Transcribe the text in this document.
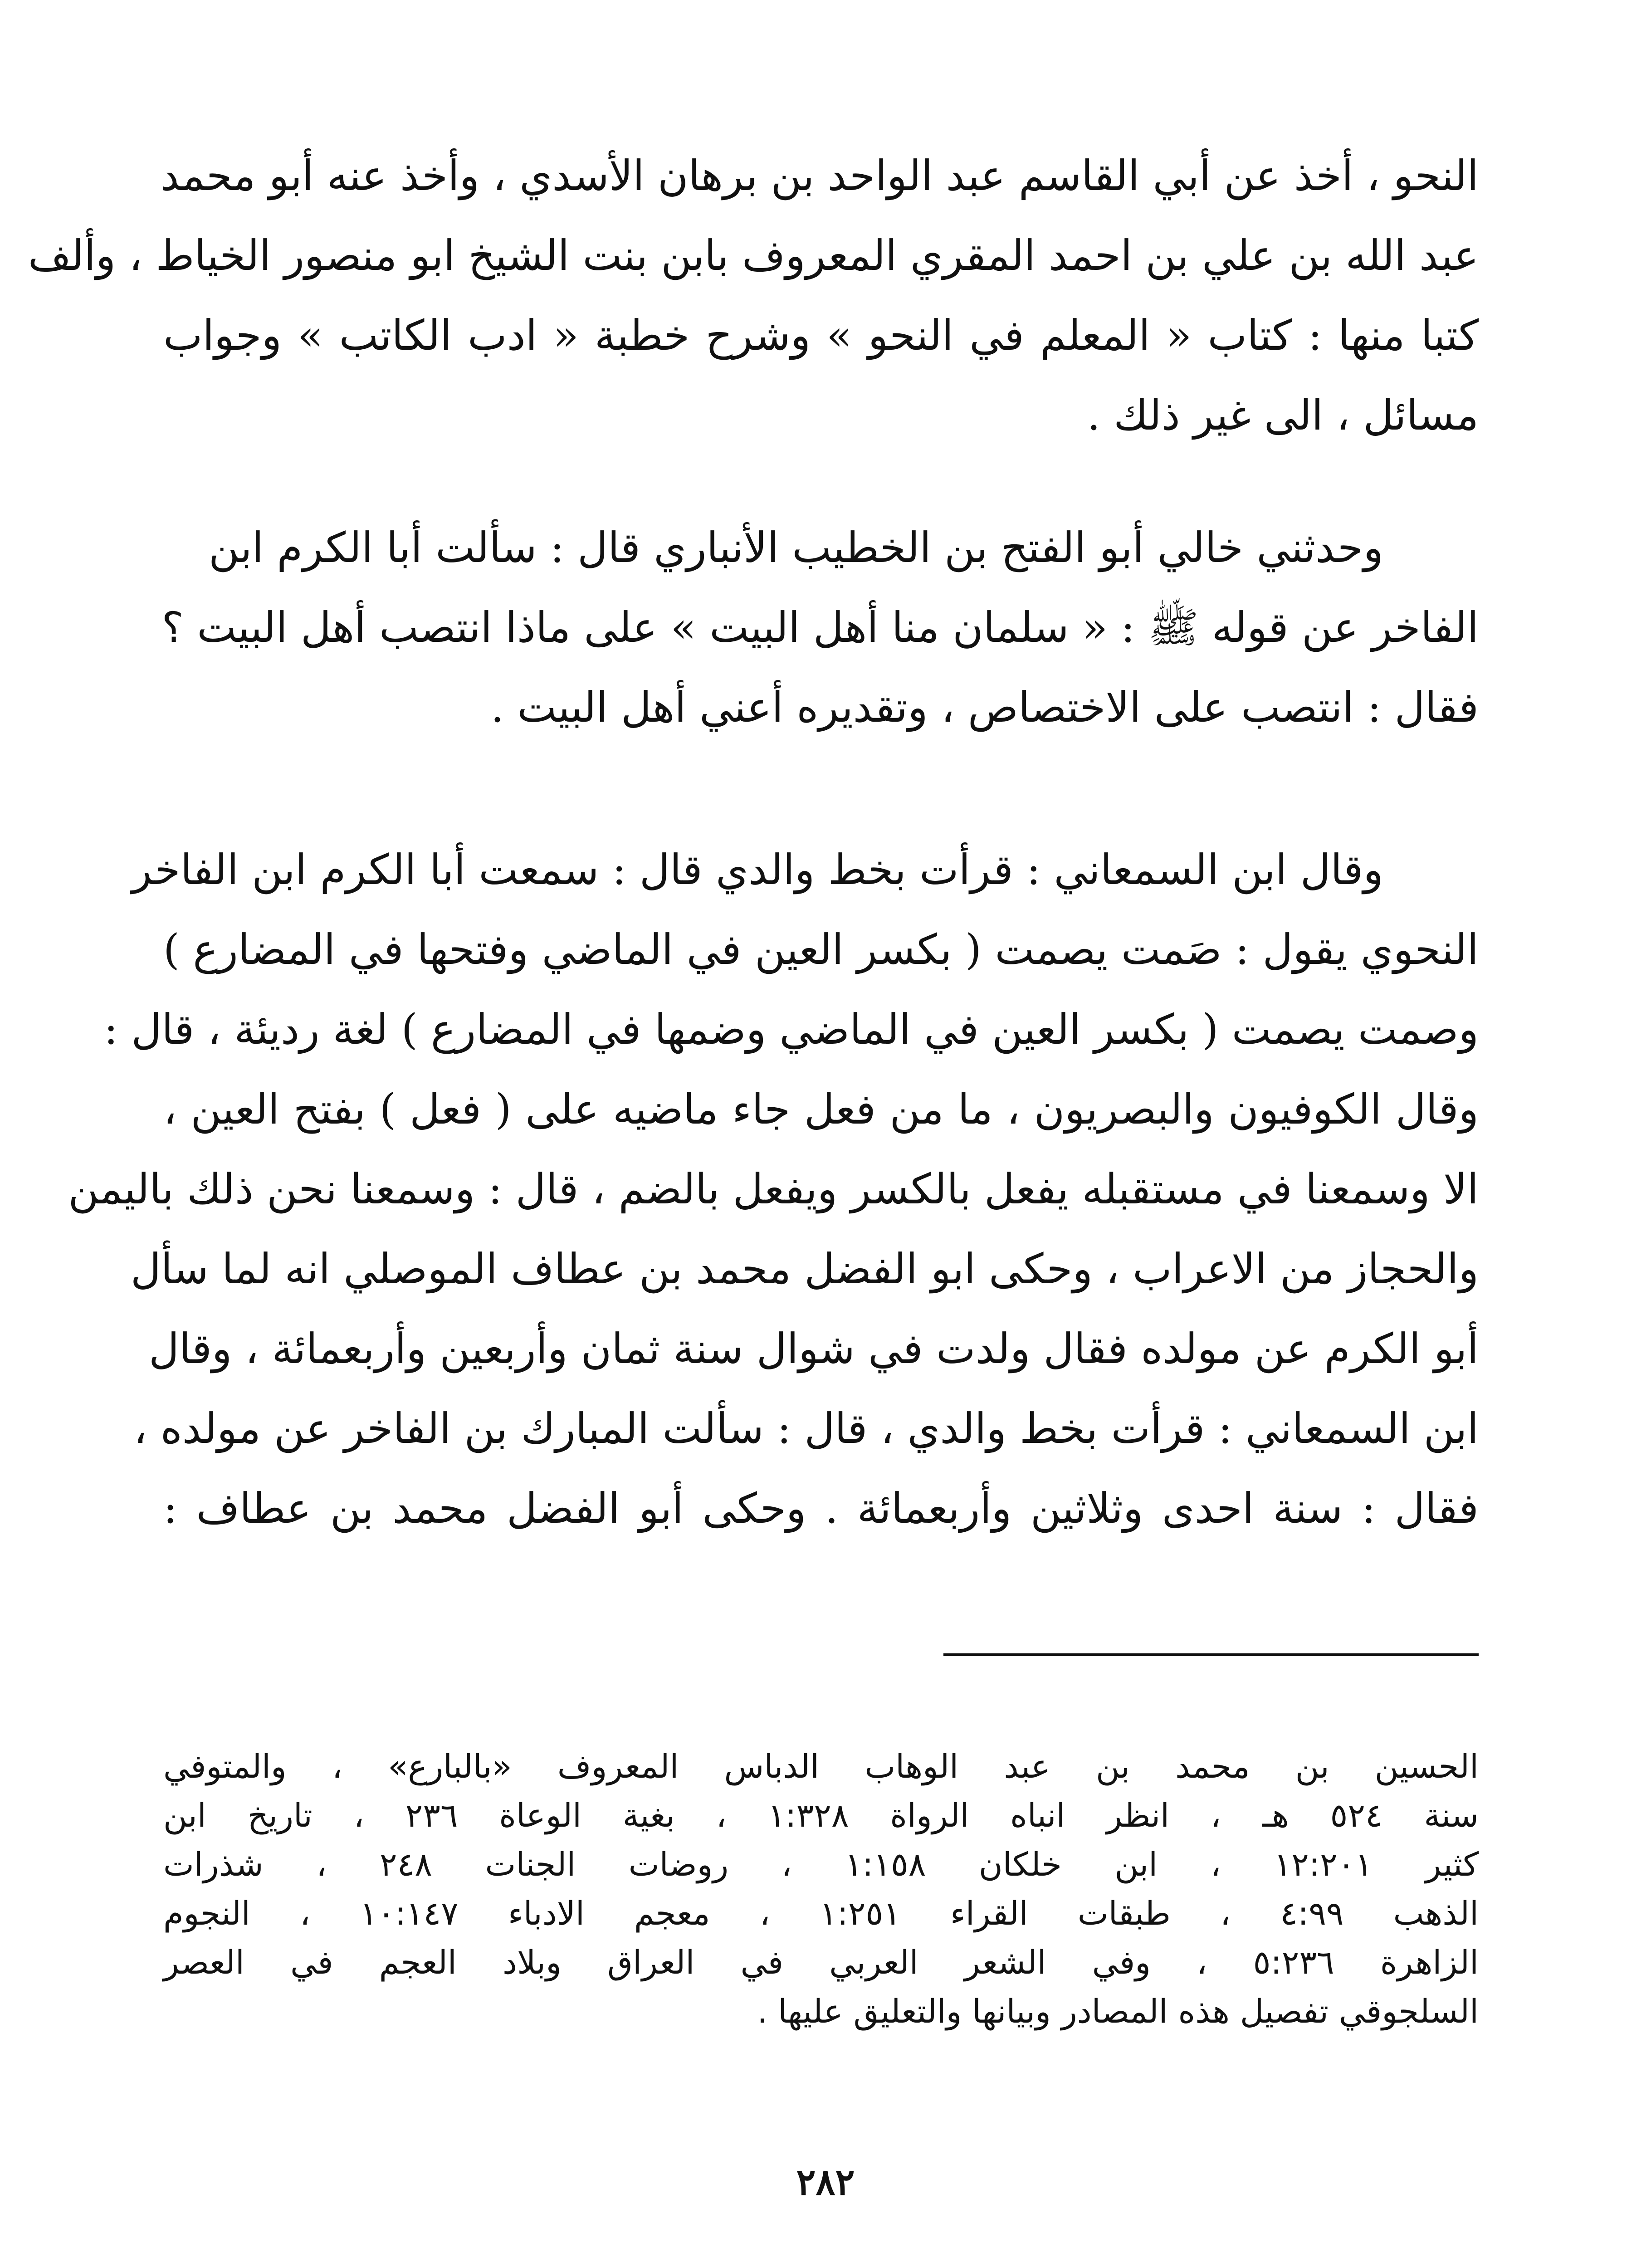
النحو ، أخذ عن أبي القاسم عبد الواحد بن برهان الأسدي ، وأخذ عنه أبو محمد
عبد الله بن علي بن احمد المقري المعروف بابن بنت الشيخ ابو منصور الخياط ، وألف
كتبا منها : كتاب « المعلم في النحو » وشرح خطبة « ادب الكاتب » وجواب
مسائل ، الى غير ذلك .
وحدثني خالي أبو الفتح بن الخطيب الأنباري قال : سألت أبا الكرم ابن
الفاخر عن قوله ﷺ : « سلمان منا أهل البيت » على ماذا انتصب أهل البيت ؟
فقال : انتصب على الاختصاص ، وتقديره أعني أهل البيت .
وقال ابن السمعاني : قرأت بخط والدي قال : سمعت أبا الكرم ابن الفاخر
النحوي يقول : صَمت يصمت ( بكسر العين في الماضي وفتحها في المضارع )
وصمت يصمت ( بكسر العين في الماضي وضمها في المضارع ) لغة رديئة ، قال :
وقال الكوفيون والبصريون ، ما من فعل جاء ماضيه على ( فعل ) بفتح العين ،
الا وسمعنا في مستقبله يفعل بالكسر ويفعل بالضم ، قال : وسمعنا نحن ذلك باليمن
والحجاز من الاعراب ، وحكى ابو الفضل محمد بن عطاف الموصلي انه لما سأل
أبو الكرم عن مولده فقال ولدت في شوال سنة ثمان وأربعين وأربعمائة ، وقال
ابن السمعاني : قرأت بخط والدي ، قال : سألت المبارك بن الفاخر عن مولده ،
فقال : سنة احدى وثلاثين وأربعمائة . وحكى أبو الفضل محمد بن عطاف :
الحسين بن محمد بن عبد الوهاب الدباس المعروف «بالبارع» ، والمتوفي
سنة ٥٢٤ هـ ، انظر انباه الرواة ١:٣٢٨ ، بغية الوعاة ٢٣٦ ، تاريخ ابن
كثير ١٢:٢٠١ ، ابن خلكان ١:١٥٨ ، روضات الجنات ٢٤٨ ، شذرات
الذهب ٤:٩٩ ، طبقات القراء ١:٢٥١ ، معجم الادباء ١٠:١٤٧ ، النجوم
الزاهرة ٥:٢٣٦ ، وفي الشعر العربي في العراق وبلاد العجم في العصر
السلجوقي تفصيل هذه المصادر وبيانها والتعليق عليها .
٢٨٢
